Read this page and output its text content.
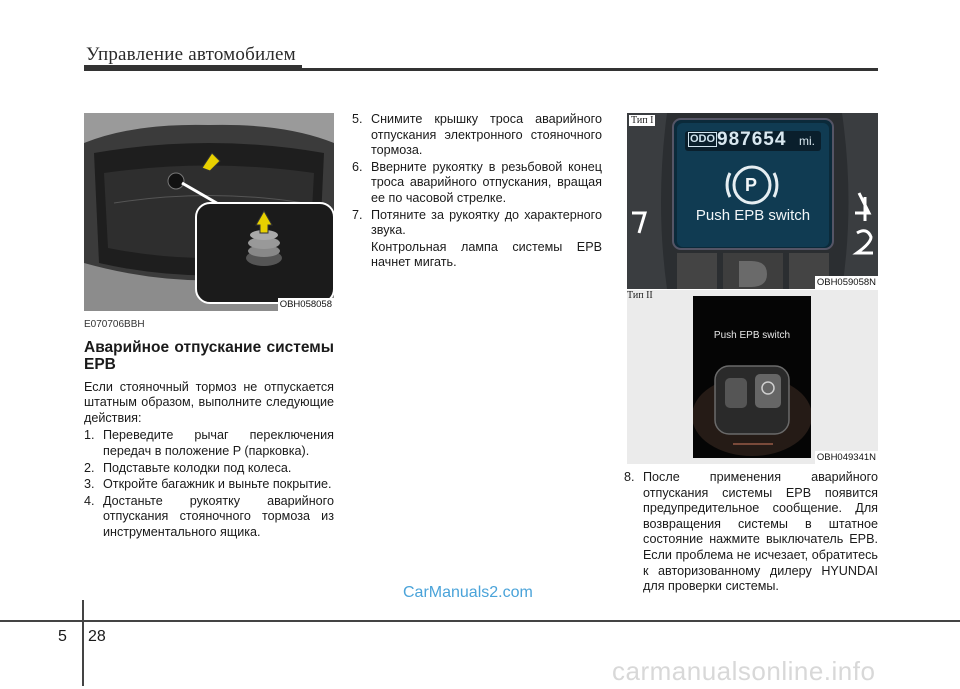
Управление автомобилем
OBH058058
E070706BBH
Аварийное отпускание системы EPB
Если стояночный тормоз не отпускается штатным образом, выполните следующие действия:
1. Переведите рычаг переключения передач в положение P (парковка).
2. Подставьте колодки под колеса.
3. Откройте багажник и выньте покрытие.
4. Достаньте рукоятку аварийного отпускания стояночного тормоза из инструментального ящика.
5. Снимите крышку троса аварийного отпускания электронного стояночного тормоза.
6. Вверните рукоятку в резьбовой конец троса аварийного отпускания, вращая ее по часовой стрелке.
7. Потяните за рукоятку до характерного звука.
Контрольная лампа системы EPB начнет мигать.
Тип I
ODO 987654 mi.
Push EPB switch
P
OBH059058N
Тип II
Push EPB switch
OBH049341N
8. После применения аварийного отпускания системы EPB появится предупредительное сообщение. Для возвращения системы в штатное состояние нажмите выключатель EPB. Если проблема не исчезает, обратитесь к авторизованному дилеру HYUNDAI для проверки системы.
CarManuals2.com
carmanualsonline.info
5 28
